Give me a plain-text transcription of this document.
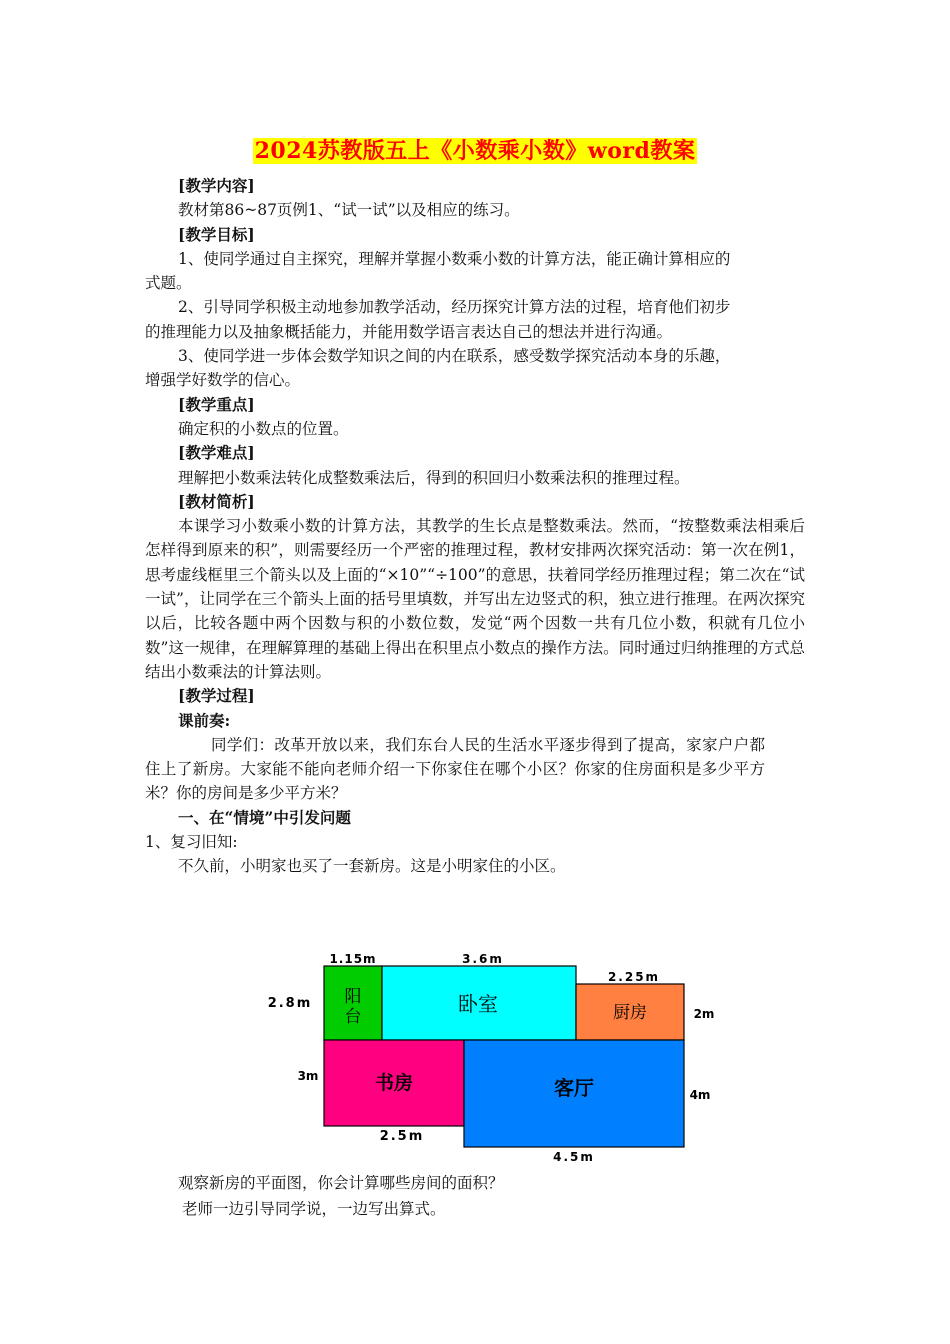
2024苏教版五上《小数乘小数》word教案

[教学内容]

教材第86~87页例1、“试一试”以及相应的练习。

[教学目标]

1、使同学通过自主探究，理解并掌握小数乘小数的计算方法，能正确计算相应的

式题。

2、引导同学积极主动地参加教学活动，经历探究计算方法的过程，培育他们初步

的推理能力以及抽象概括能力，并能用数学语言表达自己的想法并进行沟通。

3、使同学进一步体会数学知识之间的内在联系，感受数学探究活动本身的乐趣，

增强学好数学的信心。

[教学重点]

确定积的小数点的位置。

[教学难点]

理解把小数乘法转化成整数乘法后，得到的积回归小数乘法积的推理过程。

[教材简析]

本课学习小数乘小数的计算方法，其教学的生长点是整数乘法。然而，“按整数乘法相乘后怎样得到原来的积”，则需要经历一个严密的推理过程，教材安排两次探究活动：第一次在例1，思考虚线框里三个箭头以及上面的“×10”“÷100”的意思，扶着同学经历推理过程；第二次在“试一试”，让同学在三个箭头上面的括号里填数，并写出左边竖式的积，独立进行推理。在两次探究以后，比较各题中两个因数与积的小数位数，发觉“两个因数一共有几位小数，积就有几位小数”这一规律，在理解算理的基础上得出在积里点小数点的操作方法。同时通过归纳推理的方式总结出小数乘法的计算法则。

[教学过程]

课前奏:

同学们：改革开放以来，我们东台人民的生活水平逐步得到了提高，家家户户都住上了新房。大家能不能向老师介绍一下你家住在哪个小区？你家的住房面积是多少平方米？你的房间是多少平方米？

一、在“情境”中引发问题

1、复习旧知:

不久前，小明家也买了一套新房。这是小明家住的小区。

阳
台
卧室	厨房
书房	客厅
1.15m	3.6m
2.25m
2.8m
2m
3m
4m
2.5m
4.5m

观察新房的平面图，你会计算哪些房间的面积？

老师一边引导同学说，一边写出算式。
